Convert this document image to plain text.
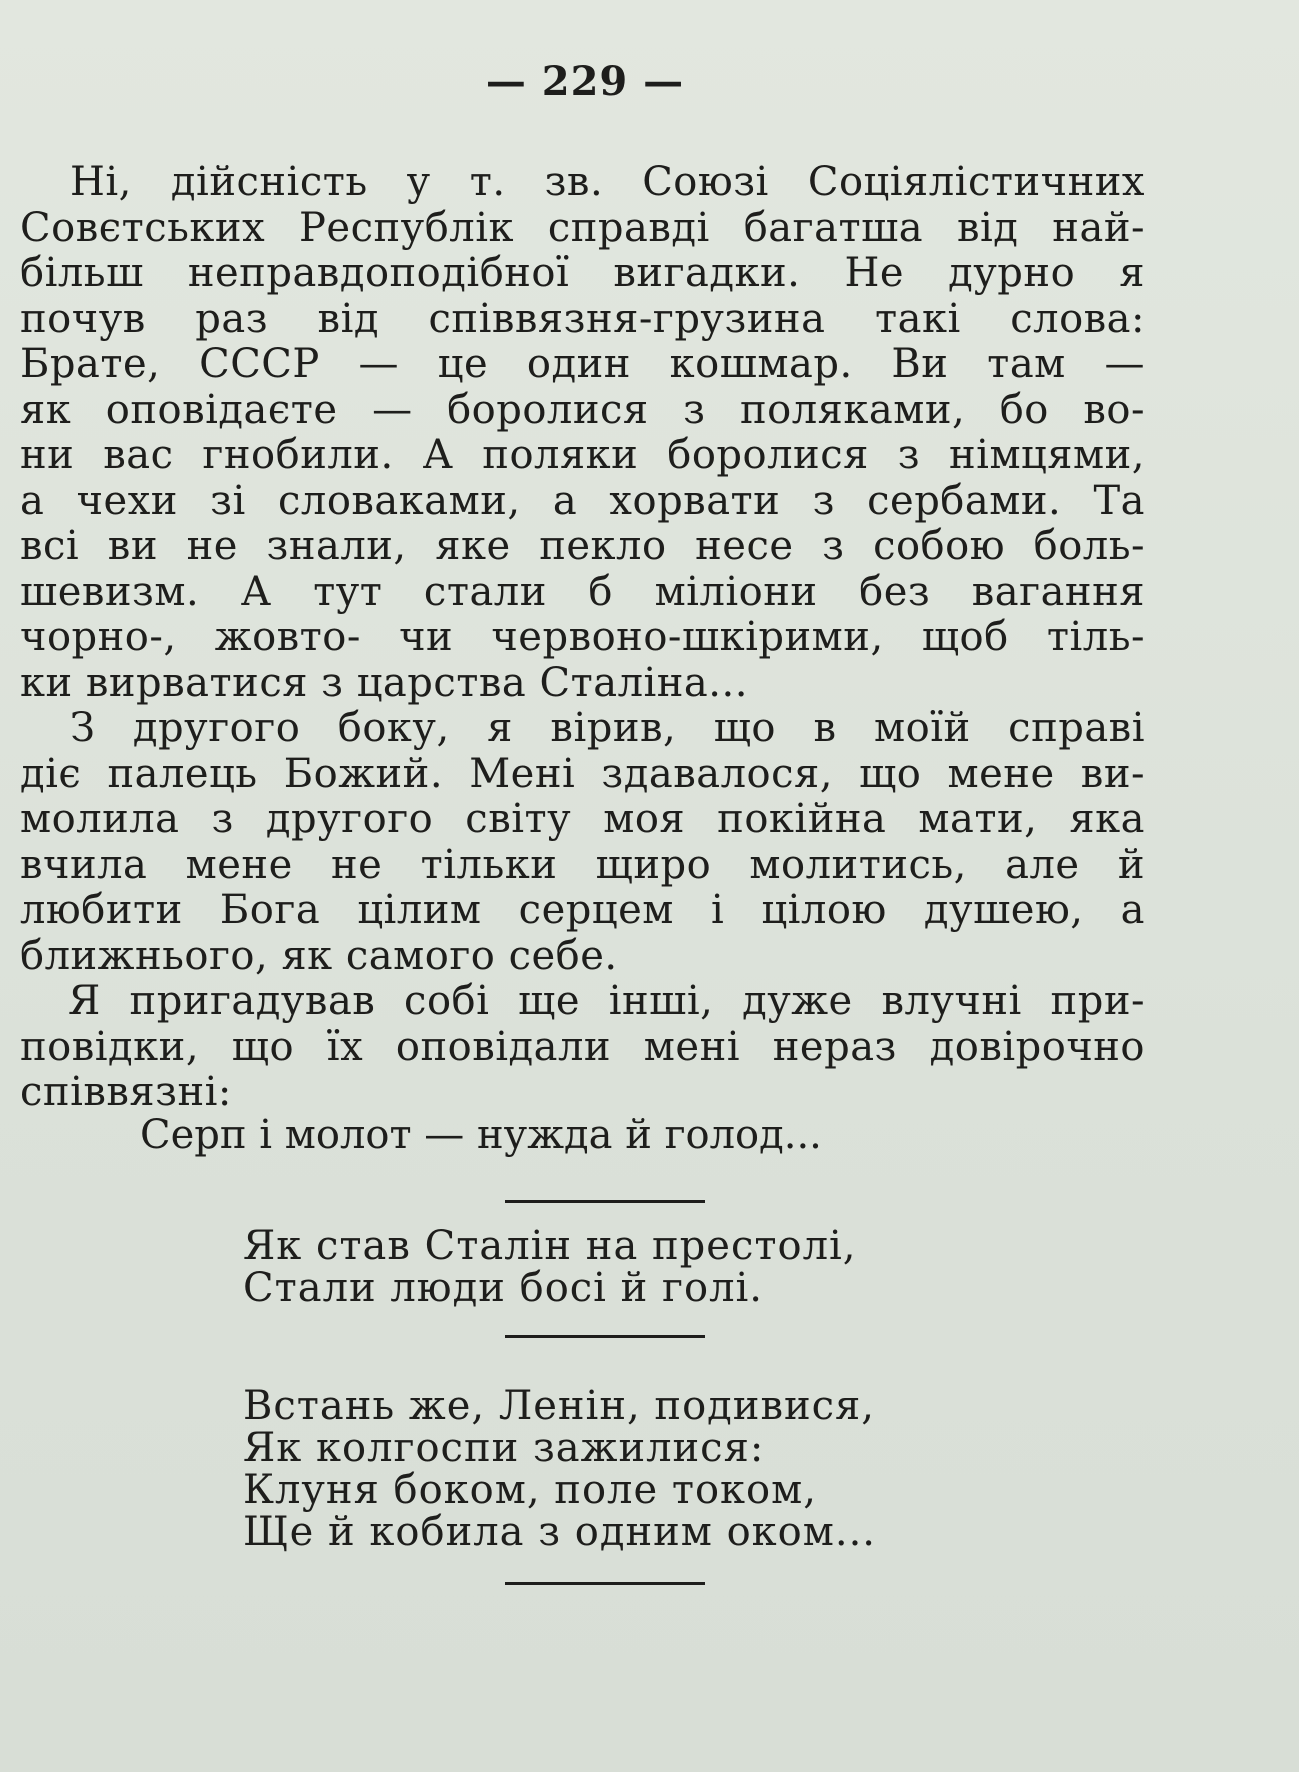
— 229 —
Ні, дійсність у т. зв. Союзі Соціялістичних
Совєтських Республік справді багатша від най-
більш неправдоподібної вигадки. Не дурно я
почув раз від співвязня-грузина такі слова:
Брате, СССР — це один кошмар. Ви там —
як оповідаєте — боролися з поляками, бо во-
ни вас гнобили. А поляки боролися з німцями,
а чехи зі словаками, а хорвати з сербами. Та
всі ви не знали, яке пекло несе з собою боль-
шевизм. А тут стали б міліони без вагання
чорно-, жовто- чи червоно-шкірими, щоб тіль-
ки вирватися з царства Сталіна...
З другого боку, я вірив, що в моїй справі
діє палець Божий. Мені здавалося, що мене ви-
молила з другого світу моя покійна мати, яка
вчила мене не тільки щиро молитись, але й
любити Бога цілим серцем і цілою душею, а
ближнього, як самого себе.
Я пригадував собі ще інші, дуже влучні при-
повідки, що їх оповідали мені нераз довірочно
співвязні:
Серп і молот — нужда й голод...
Як став Сталін на престолі,
Стали люди босі й голі.
Встань же, Ленін, подивися,
Як колгоспи зажилися:
Клуня боком, поле током,
Ще й кобила з одним оком...
